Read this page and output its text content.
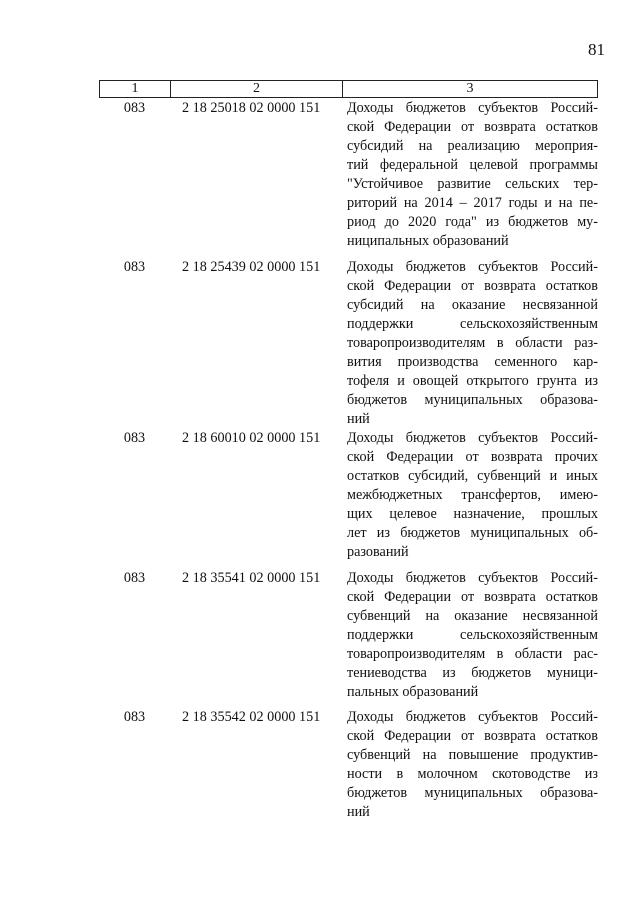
81
1	2	3
083	2 18 25018 02 0000 151	Доходы бюджетов субъектов Россий-
ской Федерации от возврата остатков
субсидий на реализацию мероприя-
тий федеральной целевой программы
"Устойчивое развитие сельских тер-
риторий на 2014 – 2017 годы и на пе-
риод до 2020 года" из бюджетов му-
ниципальных образований
083	2 18 25439 02 0000 151	Доходы бюджетов субъектов Россий-
ской Федерации от возврата остатков
субсидий на оказание несвязанной
поддержки	сельскохозяйственным
товаропроизводителям в области раз-
вития производства семенного кар-
тофеля и овощей открытого грунта из
бюджетов муниципальных образова-
ний
083	2 18 60010 02 0000 151	Доходы бюджетов субъектов Россий-
ской Федерации от возврата прочих
остатков субсидий, субвенций и иных
межбюджетных трансфертов, имею-
щих целевое назначение, прошлых
лет из бюджетов муниципальных об-
разований
083	2 18 35541 02 0000 151	Доходы бюджетов субъектов Россий-
ской Федерации от возврата остатков
субвенций на оказание несвязанной
поддержки	сельскохозяйственным
товаропроизводителям в области рас-
тениеводства из бюджетов муници-
пальных образований
083	2 18 35542 02 0000 151	Доходы бюджетов субъектов Россий-
ской Федерации от возврата остатков
субвенций на повышение продуктив-
ности в молочном скотоводстве из
бюджетов муниципальных образова-
ний
